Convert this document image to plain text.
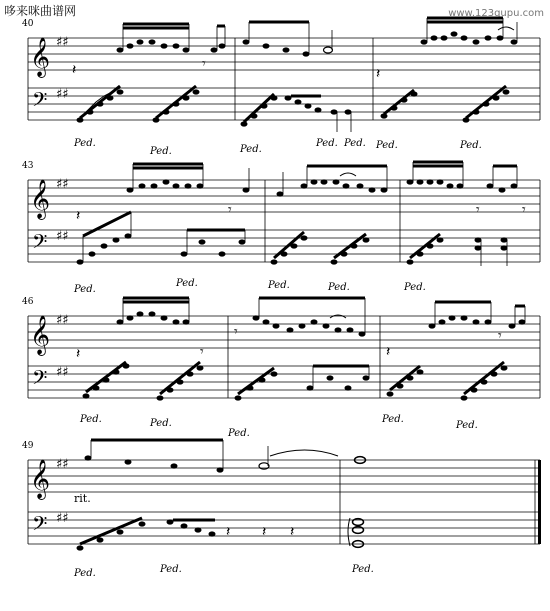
哆来咪曲谱网	www.123qupu.com
40
𝄞
𝄢
♯♯
♯♯
𝄽	𝄾
𝄽
Ped.
Ped.	Ped.
Ped. Ped. Ped.	Ped.
43
𝄞
𝄢
♯♯
♯♯
𝄽	𝄾	𝄾	𝄾
Ped.
Ped.	Ped.	Ped.	Ped.
46
𝄞
𝄢
♯♯
♯♯
𝄽	𝄾
𝄾
𝄽
𝄾
Ped.	Ped.
Ped.
Ped.
Ped.
49
𝄞
𝄢
♯♯
♯♯
rit.
𝄽 𝄽 𝄽
Ped.	Ped.	Ped.
